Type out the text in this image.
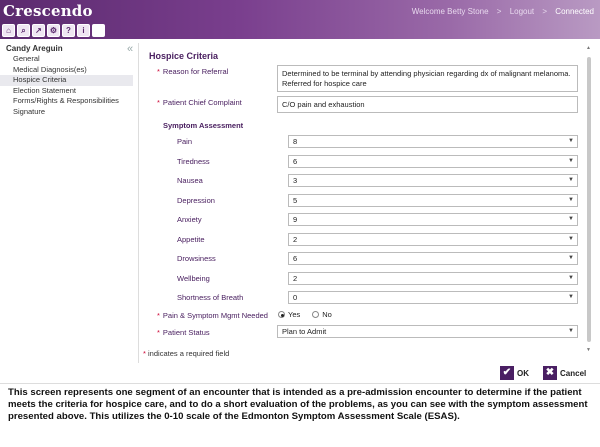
Crescendo	Welcome Betty Stone > Logout > Connected
⌂	⌕	↗	⚙	?	i
Candy Areguin	«
General
Medical Diagnosis(es)
Hospice Criteria
Election Statement
Forms/Rights & Responsibilities
Signature
Hospice Criteria
* Reason for Referral	Determined to be terminal by attending physician regarding dx of malignant melanoma. Referred for hospice care
* Patient Chief Complaint	C/O pain and exhaustion
Symptom Assessment
Pain	8	▼
Tiredness	6	▼
Nausea	3	▼
Depression	5	▼
Anxiety	9	▼
Appetite	2	▼
Drowsiness	6	▼
Wellbeing	2	▼
Shortness of Breath	0	▼
* Pain & Symptom Mgmt Needed	Yes	No
* Patient Status	Plan to Admit	▼
▲
▼
* indicates a required field
✔ OK ✖ Cancel

This screen represents one segment of an encounter that is intended as a pre-admission encounter to determine if the patient meets the criteria for hospice care, and to do a short evaluation of the problems, as you can see with the symptom assessment presented above. This utilizes the 0-10 scale of the Edmonton Symptom Assessment Scale (ESAS).
